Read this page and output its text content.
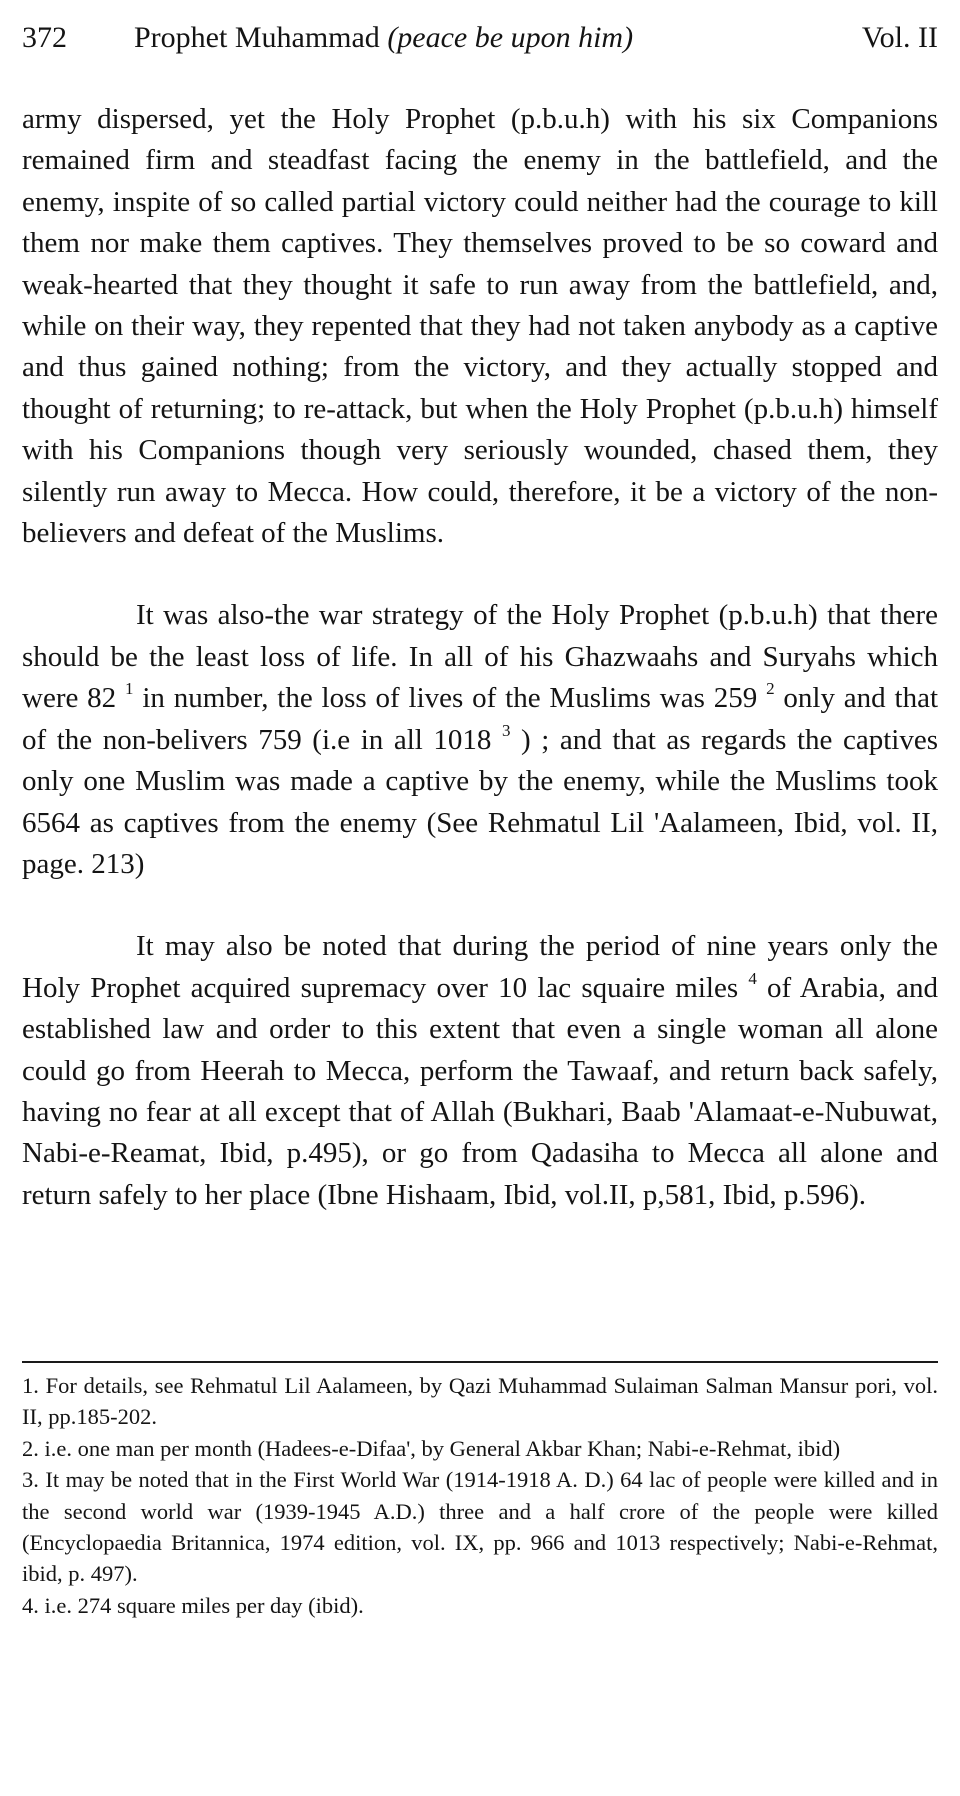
372 Prophet Muhammad (peace be upon him)	Vol. II

army dispersed, yet the Holy Prophet (p.b.u.h) with his six Companions remained firm and steadfast facing the enemy in the battlefield, and the enemy, inspite of so called partial victory could neither had the courage to kill them nor make them captives. They themselves proved to be so coward and weak-hearted that they thought it safe to run away from the battlefield, and, while on their way, they repented that they had not taken anybody as a captive and thus gained nothing; from the victory, and they actually stopped and thought of returning; to re-attack, but when the Holy Prophet (p.b.u.h) himself with his Companions though very seriously wounded, chased them, they silently run away to Mecca. How could, therefore, it be a victory of the non-believers and defeat of the Muslims.

It was also-the war strategy of the Holy Prophet (p.b.u.h) that there should be the least loss of life. In all of his Ghazwaahs and Suryahs which were 82 $^1$ in number, the loss of lives of the Muslims was 259 $^2$ only and that of the non-belivers 759 (i.e in all 1018 $^3$ ) ; and that as regards the captives only one Muslim was made a captive by the enemy, while the Muslims took 6564 as captives from the enemy (See Rehmatul Lil 'Aalameen, Ibid, vol. II, page. 213)

It may also be noted that during the period of nine years only the Holy Prophet acquired supremacy over 10 lac squaire miles $^4$ of Arabia, and established law and order to this extent that even a single woman all alone could go from Heerah to Mecca, perform the Tawaaf, and return back safely, having no fear at all except that of Allah (Bukhari, Baab 'Alamaat-e-Nubuwat, Nabi-e-Reamat, Ibid, p.495), or go from Qadasiha to Mecca all alone and return safely to her place (Ibne Hishaam, Ibid, vol.II, p,581, Ibid, p.596).

1. For details, see Rehmatul Lil Aalameen, by Qazi Muhammad Sulaiman Salman Mansur pori, vol. II, pp.185-202.

2. i.e. one man per month (Hadees-e-Difaa', by General Akbar Khan; Nabi-e-Rehmat, ibid)

3. It may be noted that in the First World War (1914-1918 A. D.) 64 lac of people were killed and in the second world war (1939-1945 A.D.) three and a half crore of the people were killed (Encyclopaedia Britannica, 1974 edition, vol. IX, pp. 966 and 1013 respectively; Nabi-e-Rehmat, ibid, p. 497).

4. i.e. 274 square miles per day (ibid).
